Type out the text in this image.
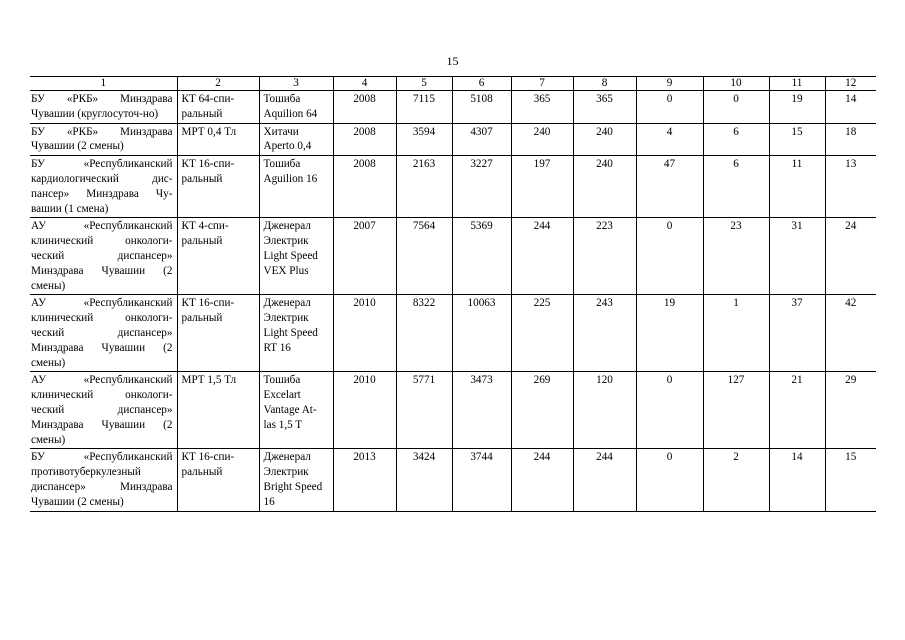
15
1	2	3	4	5	6	7	8	9	10	11	12
БУ «РКБ» Минздрава Чувашии (круглосуточ-но)	КТ 64-спи-ральный	Тошиба Aquilion 64	2008	7115	5108	365	365	0	0	19	14
БУ «РКБ» Минздрава Чувашии (2 смены)	МРТ 0,4 Тл	Хитачи Aperto 0,4	2008	3594	4307	240	240	4	6	15	18
БУ «Республиканский кардиологический дис-пансер» Минздрава Чу-вашии (1 смена)	КТ 16-спи-ральный	Тошиба Aguilion 16	2008	2163	3227	197	240	47	6	11	13
АУ «Республиканский клинический онкологи-ческий диспансер» Минздрава Чувашии (2 смены)	КТ 4-спи-ральный	Дженерал Электрик Light Speed VEX Plus	2007	7564	5369	244	223	0	23	31	24
АУ «Республиканский клинический онкологи-ческий диспансер» Минздрава Чувашии (2 смены)	КТ 16-спи-ральный	Дженерал Электрик Light Speed RT 16	2010	8322	10063	225	243	19	1	37	42
АУ «Республиканский клинический онкологи-ческий диспансер» Минздрава Чувашии (2 смены)	МРТ 1,5 Тл	Тошиба Excelart Vantage At-las 1,5 T	2010	5771	3473	269	120	0	127	21	29
БУ «Республиканский противотуберкулезный диспансер» Минздрава Чувашии (2 смены)	КТ 16-спи-ральный	Дженерал Электрик Bright Speed 16	2013	3424	3744	244	244	0	2	14	15
